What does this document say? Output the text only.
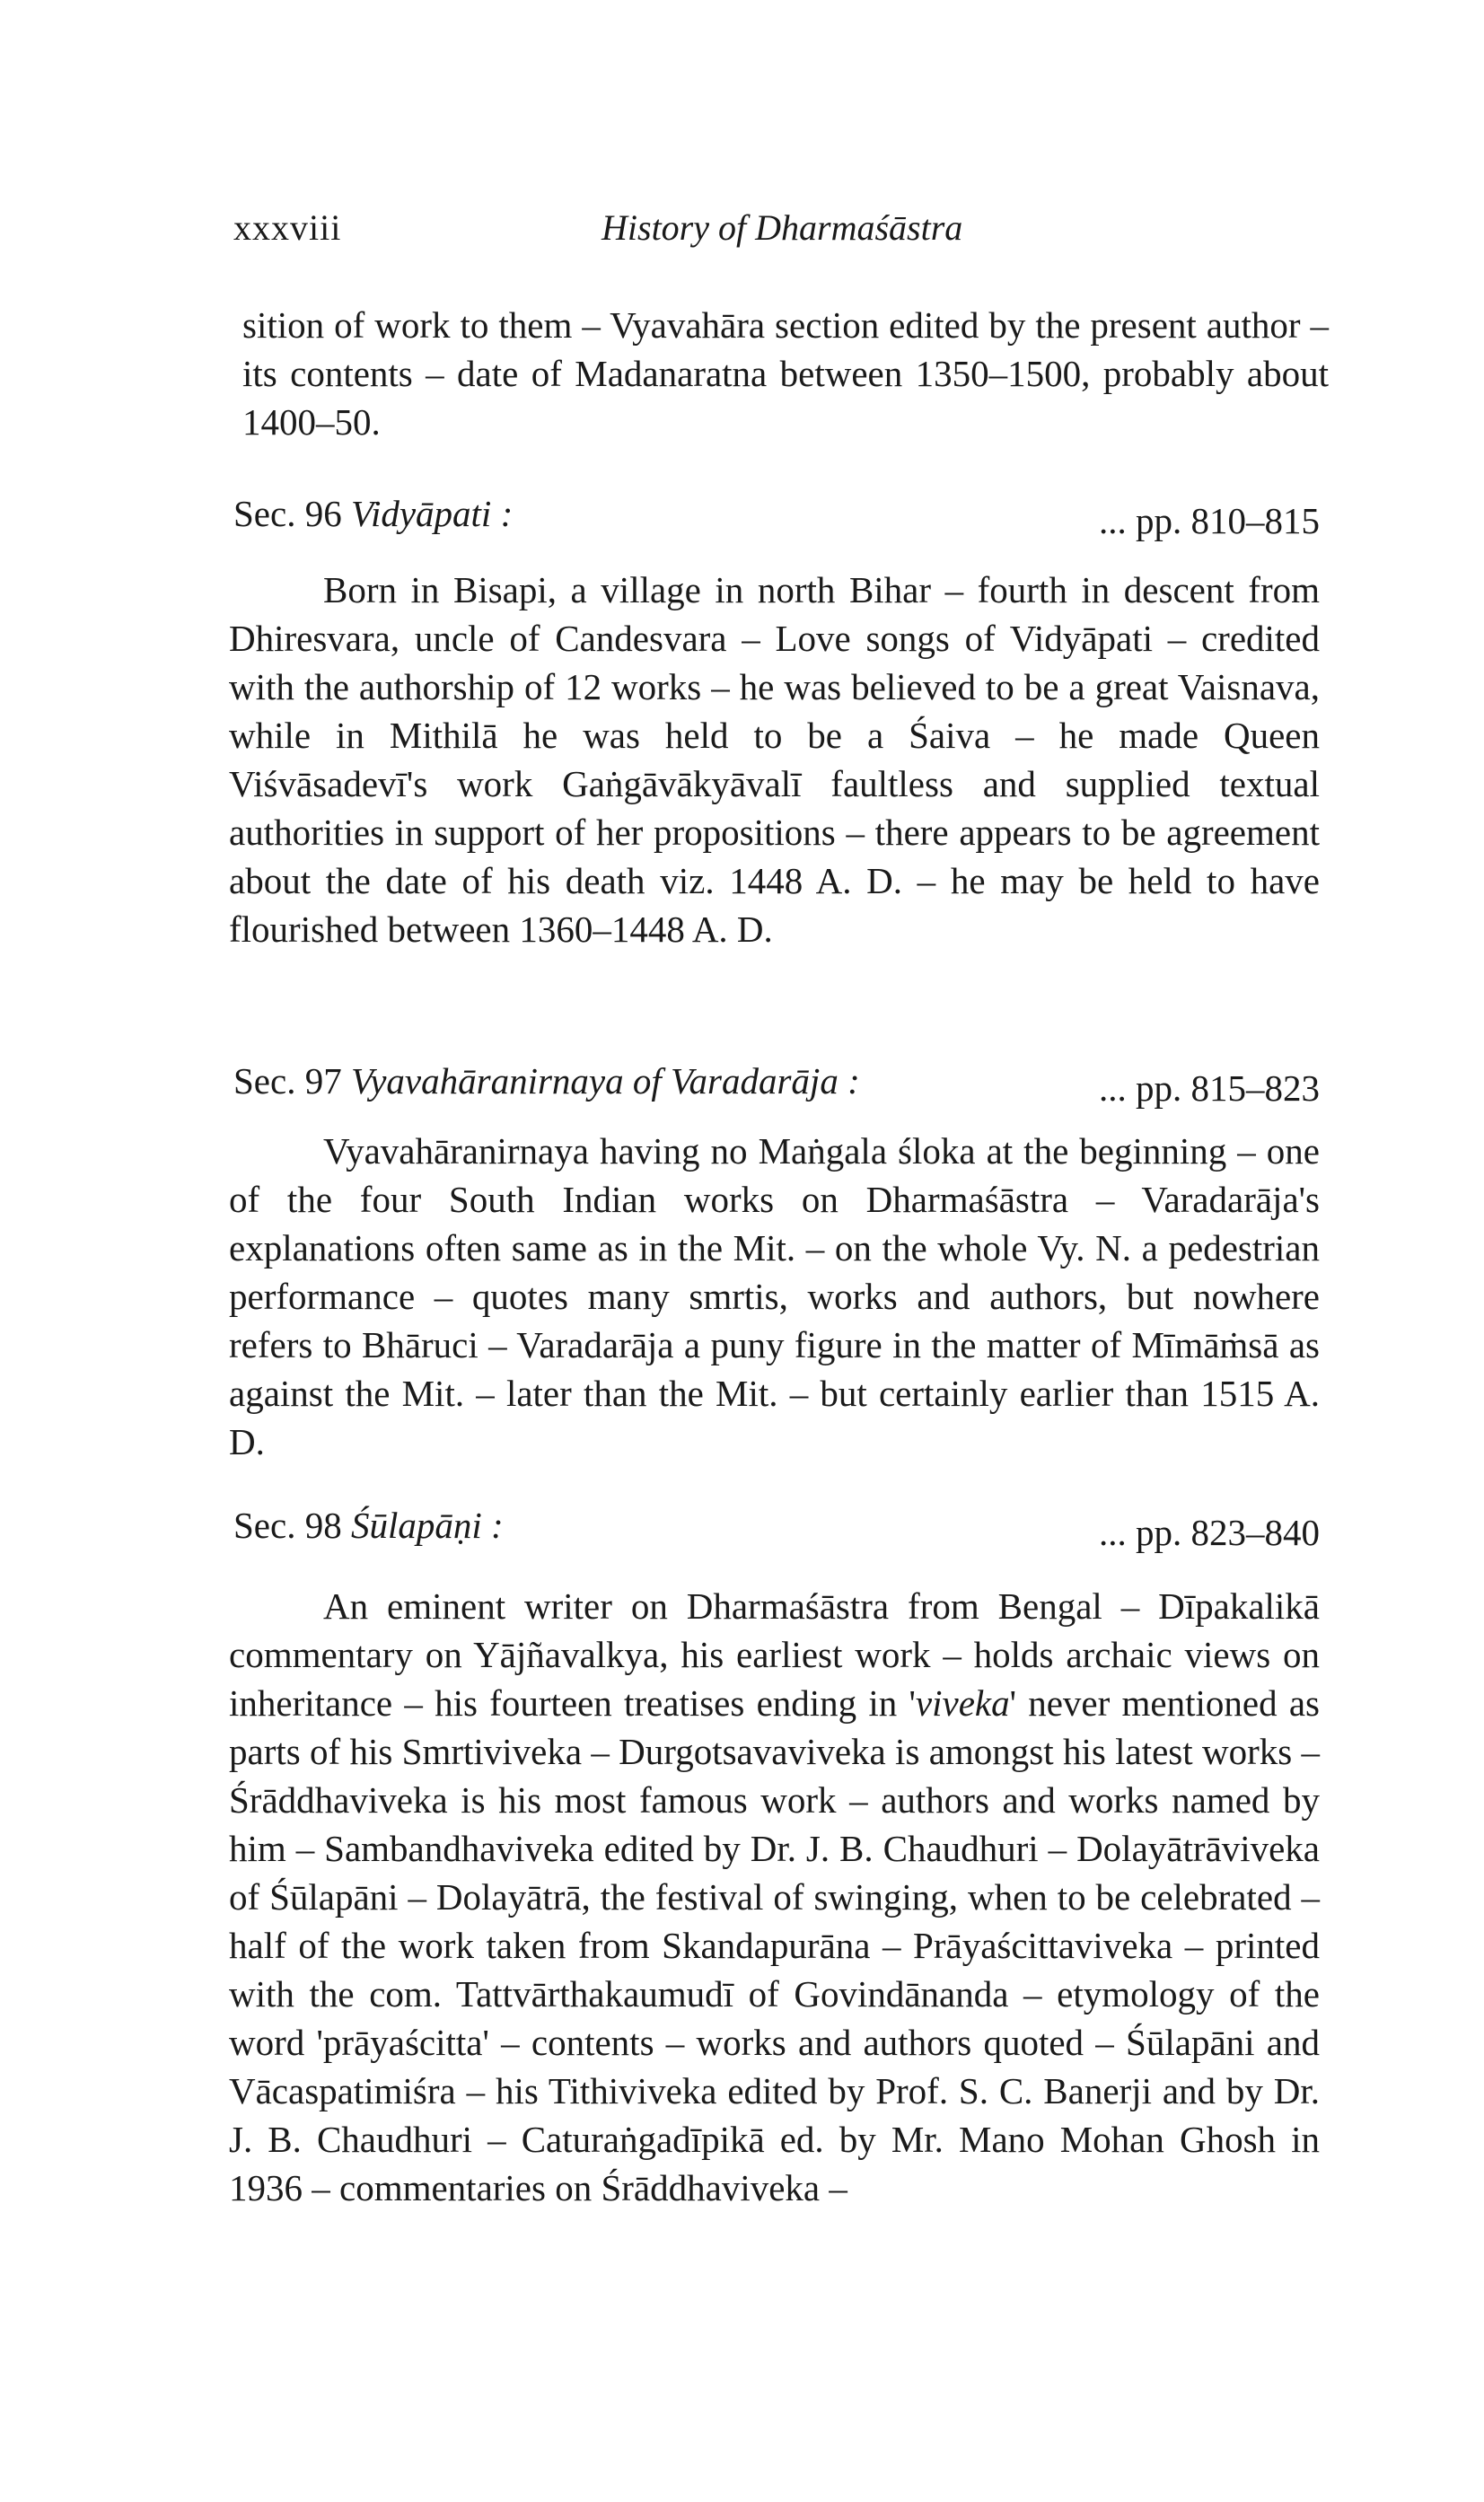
xxxviii	History of Dharmaśāstra
sition of work to them – Vyavahāra section edited by the present author – its contents – date of Madanaratna between 1350–1500, probably about 1400–50.
Sec. 96 Vidyāpati :	... pp. 810–815

Born in Bisapi, a village in north Bihar – fourth in descent from Dhiresvara, uncle of Candesvara – Love songs of Vidyāpati – credited with the authorship of 12 works – he was believed to be a great Vaisnava, while in Mithilā he was held to be a Śaiva – he made Queen Viśvāsadevī's work Gaṅgāvākyāvalī faultless and supplied textual authorities in support of her propositions – there appears to be agreement about the date of his death viz. 1448 A. D. – he may be held to have flourished between 1360–1448 A. D.

Sec. 97 Vyavahāranirnaya of Varadarāja :	... pp. 815–823

Vyavahāranirnaya having no Maṅgala śloka at the beginning – one of the four South Indian works on Dharmaśāstra – Varadarāja's explanations often same as in the Mit. – on the whole Vy. N. a pedestrian performance – quotes many smrtis, works and authors, but nowhere refers to Bhāruci – Varadarāja a puny figure in the matter of Mīmāṁsā as against the Mit. – later than the Mit. – but certainly earlier than 1515 A. D.

Sec. 98 Śūlapāṇi :	... pp. 823–840

An eminent writer on Dharmaśāstra from Bengal – Dīpakalikā commentary on Yājñavalkya, his earliest work – holds archaic views on inheritance – his fourteen treatises ending in 'viveka' never mentioned as parts of his Smrtiviveka – Durgotsavaviveka is amongst his latest works – Śrāddhaviveka is his most famous work – authors and works named by him – Sambandhaviveka edited by Dr. J. B. Chaudhuri – Dolayātrāviveka of Śūlapāni – Dolayātrā, the festival of swinging, when to be celebrated – half of the work taken from Skandapurāna – Prāyaścittaviveka – printed with the com. Tattvārthakaumudī of Govindānanda – etymology of the word 'prāyaścitta' – contents – works and authors quoted – Śūlapāni and Vācaspatimiśra – his Tithiviveka edited by Prof. S. C. Banerji and by Dr. J. B. Chaudhuri – Caturaṅgadīpikā ed. by Mr. Mano Mohan Ghosh in 1936 – commentaries on Śrāddhaviveka –
